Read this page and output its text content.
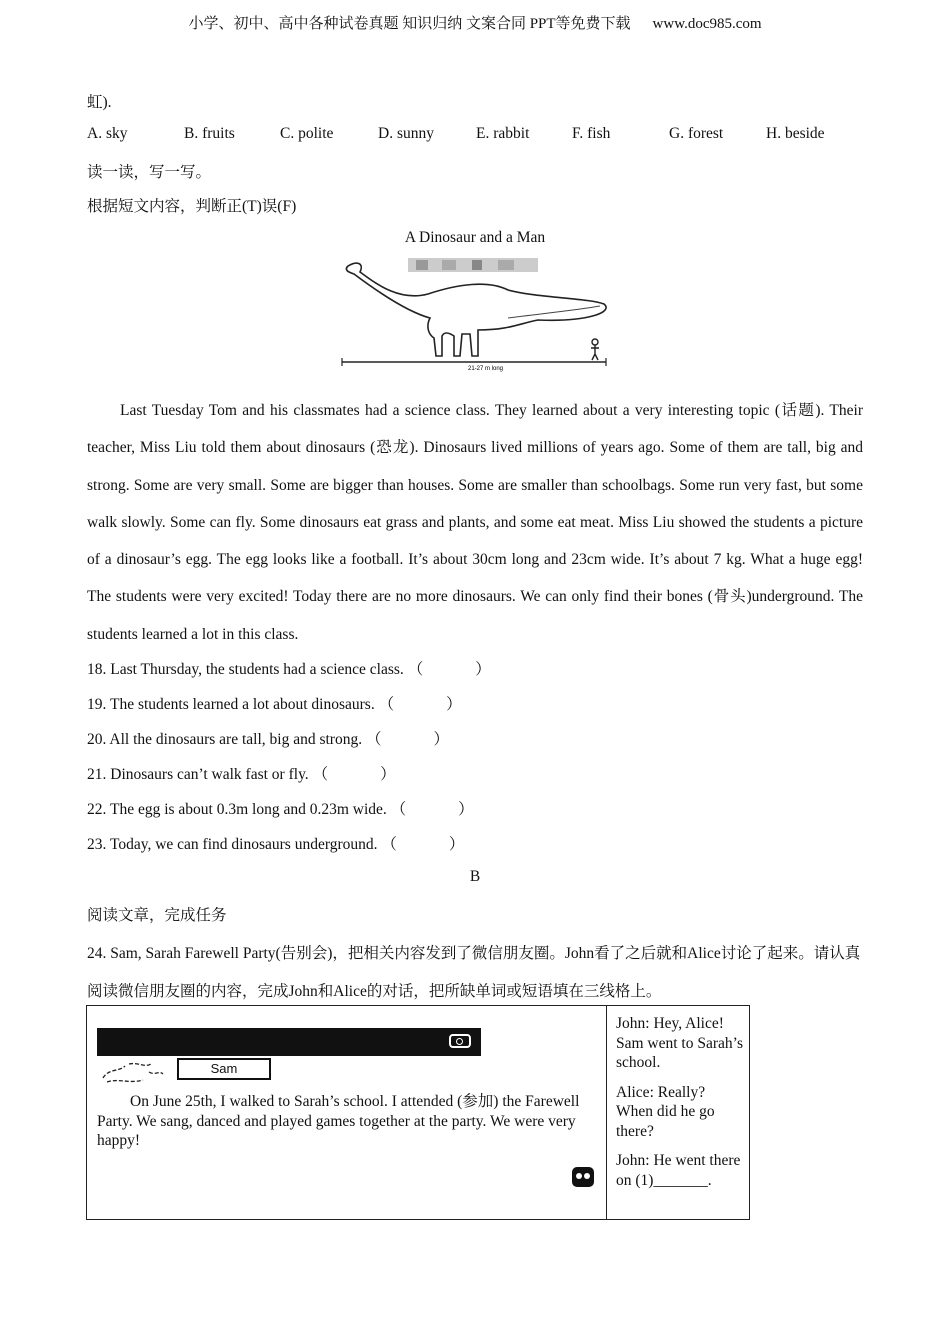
小学、初中、高中各种试卷真题 知识归纳 文案合同 PPT等免费下载 www.doc985.com
虹).
A. sky	B. fruits	C. polite	D. sunny	E. rabbit	F. fish	G. forest	H. beside
读一读，写一写。
根据短文内容，判断正(T)误(F)
A Dinosaur and a Man
21-27 m long
Last Tuesday Tom and his classmates had a science class. They learned about a very interesting topic (话题). Their teacher, Miss Liu told them about dinosaurs (恐龙). Dinosaurs lived millions of years ago. Some of them are tall, big and strong. Some are very small. Some are bigger than houses. Some are smaller than schoolbags. Some run very fast, but some walk slowly. Some can fly. Some dinosaurs eat grass and plants, and some eat meat. Miss Liu showed the students a picture of a dinosaur’s egg. The egg looks like a football. It’s about 30cm long and 23cm wide. It’s about 7 kg. What a huge egg! The students were very excited! Today there are no more dinosaurs. We can only find their bones (骨头)underground. The students learned a lot in this class.
18. Last Thursday, the students had a science class. （	）
19. The students learned a lot about dinosaurs. （	）
20. All the dinosaurs are tall, big and strong. （	）
21. Dinosaurs can’t walk fast or fly. （	）
22. The egg is about 0.3m long and 0.23m wide. （	）
23. Today, we can find dinosaurs underground. （	）
B
阅读文章，完成任务
24. Sam, Sarah Farewell Party(告别会)，把相关内容发到了微信朋友圈。John看了之后就和Alice讨论了起来。请认真阅读微信朋友圈的内容，完成John和Alice的对话，把所缺单词或短语填在三线格上。
Sam
On June 25th, I walked to Sarah’s school. I attended (参加) the Farewell Party. We sang, danced and played games together at the party. We were very happy!

John: Hey, Alice! Sam went to Sarah’s school.

Alice: Really? When did he go there?

John: He went there on (1)_______.
